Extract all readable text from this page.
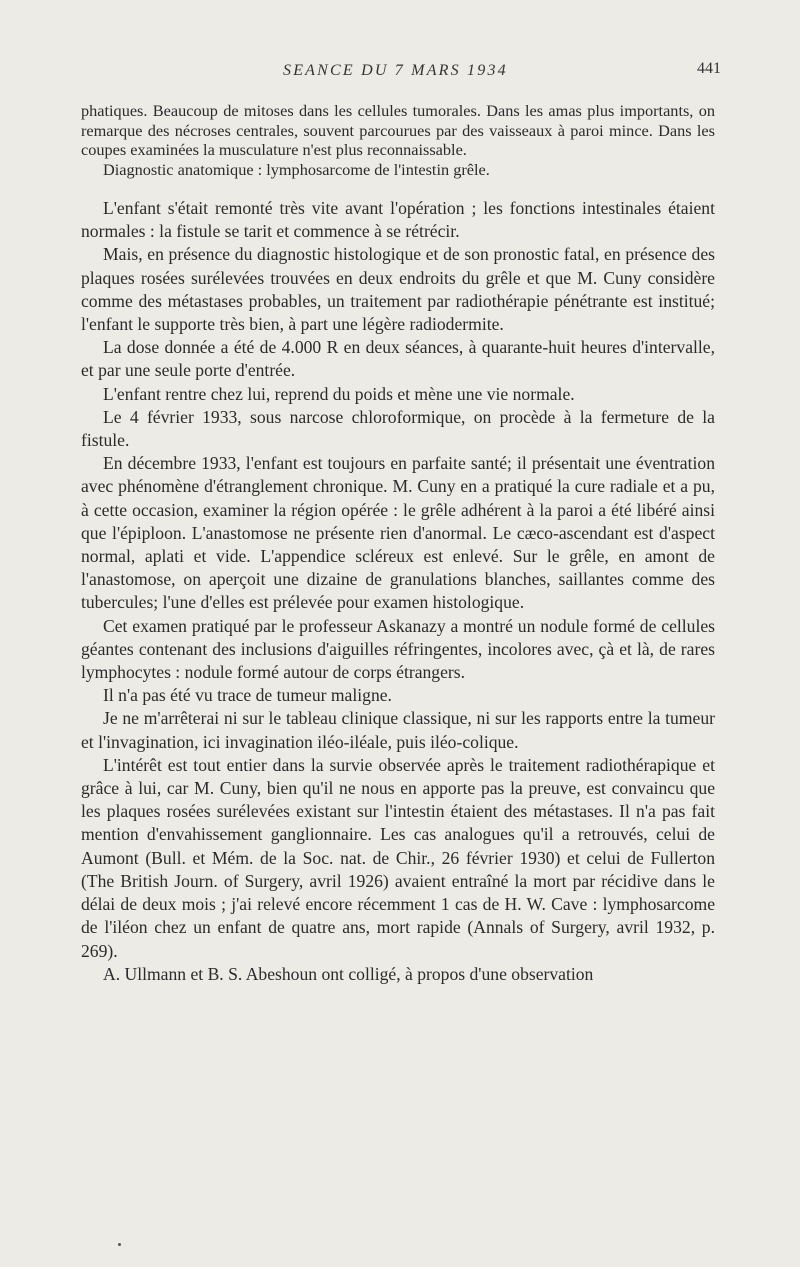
SEANCE DU 7 MARS 1934	441

phatiques. Beaucoup de mitoses dans les cellules tumorales. Dans les amas plus importants, on remarque des nécroses centrales, souvent parcourues par des vaisseaux à paroi mince. Dans les coupes examinées la musculature n'est plus reconnaissable.

Diagnostic anatomique : lymphosarcome de l'intestin grêle.

L'enfant s'était remonté très vite avant l'opération ; les fonctions intestinales étaient normales : la fistule se tarit et commence à se rétrécir.

Mais, en présence du diagnostic histologique et de son pronostic fatal, en présence des plaques rosées surélevées trouvées en deux endroits du grêle et que M. Cuny considère comme des métastases probables, un traitement par radiothérapie pénétrante est institué; l'enfant le supporte très bien, à part une légère radiodermite.

La dose donnée a été de 4.000 R en deux séances, à quarante-huit heures d'intervalle, et par une seule porte d'entrée.

L'enfant rentre chez lui, reprend du poids et mène une vie normale.

Le 4 février 1933, sous narcose chloroformique, on procède à la fermeture de la fistule.

En décembre 1933, l'enfant est toujours en parfaite santé; il présentait une éventration avec phénomène d'étranglement chronique. M. Cuny en a pratiqué la cure radiale et a pu, à cette occasion, examiner la région opérée : le grêle adhérent à la paroi a été libéré ainsi que l'épiploon. L'anastomose ne présente rien d'anormal. Le cæco-ascendant est d'aspect normal, aplati et vide. L'appendice scléreux est enlevé. Sur le grêle, en amont de l'anastomose, on aperçoit une dizaine de granulations blanches, saillantes comme des tubercules; l'une d'elles est prélevée pour examen histologique.

Cet examen pratiqué par le professeur Askanazy a montré un nodule formé de cellules géantes contenant des inclusions d'aiguilles réfringentes, incolores avec, çà et là, de rares lymphocytes : nodule formé autour de corps étrangers.

Il n'a pas été vu trace de tumeur maligne.

Je ne m'arrêterai ni sur le tableau clinique classique, ni sur les rapports entre la tumeur et l'invagination, ici invagination iléo-iléale, puis iléo-colique.

L'intérêt est tout entier dans la survie observée après le traitement radiothérapique et grâce à lui, car M. Cuny, bien qu'il ne nous en apporte pas la preuve, est convaincu que les plaques rosées surélevées existant sur l'intestin étaient des métastases. Il n'a pas fait mention d'envahissement ganglionnaire. Les cas analogues qu'il a retrouvés, celui de Aumont (Bull. et Mém. de la Soc. nat. de Chir., 26 février 1930) et celui de Fullerton (The British Journ. of Surgery, avril 1926) avaient entraîné la mort par récidive dans le délai de deux mois ; j'ai relevé encore récemment 1 cas de H. W. Cave : lymphosarcome de l'iléon chez un enfant de quatre ans, mort rapide (Annals of Surgery, avril 1932, p. 269).

A. Ullmann et B. S. Abeshoun ont colligé, à propos d'une observation
